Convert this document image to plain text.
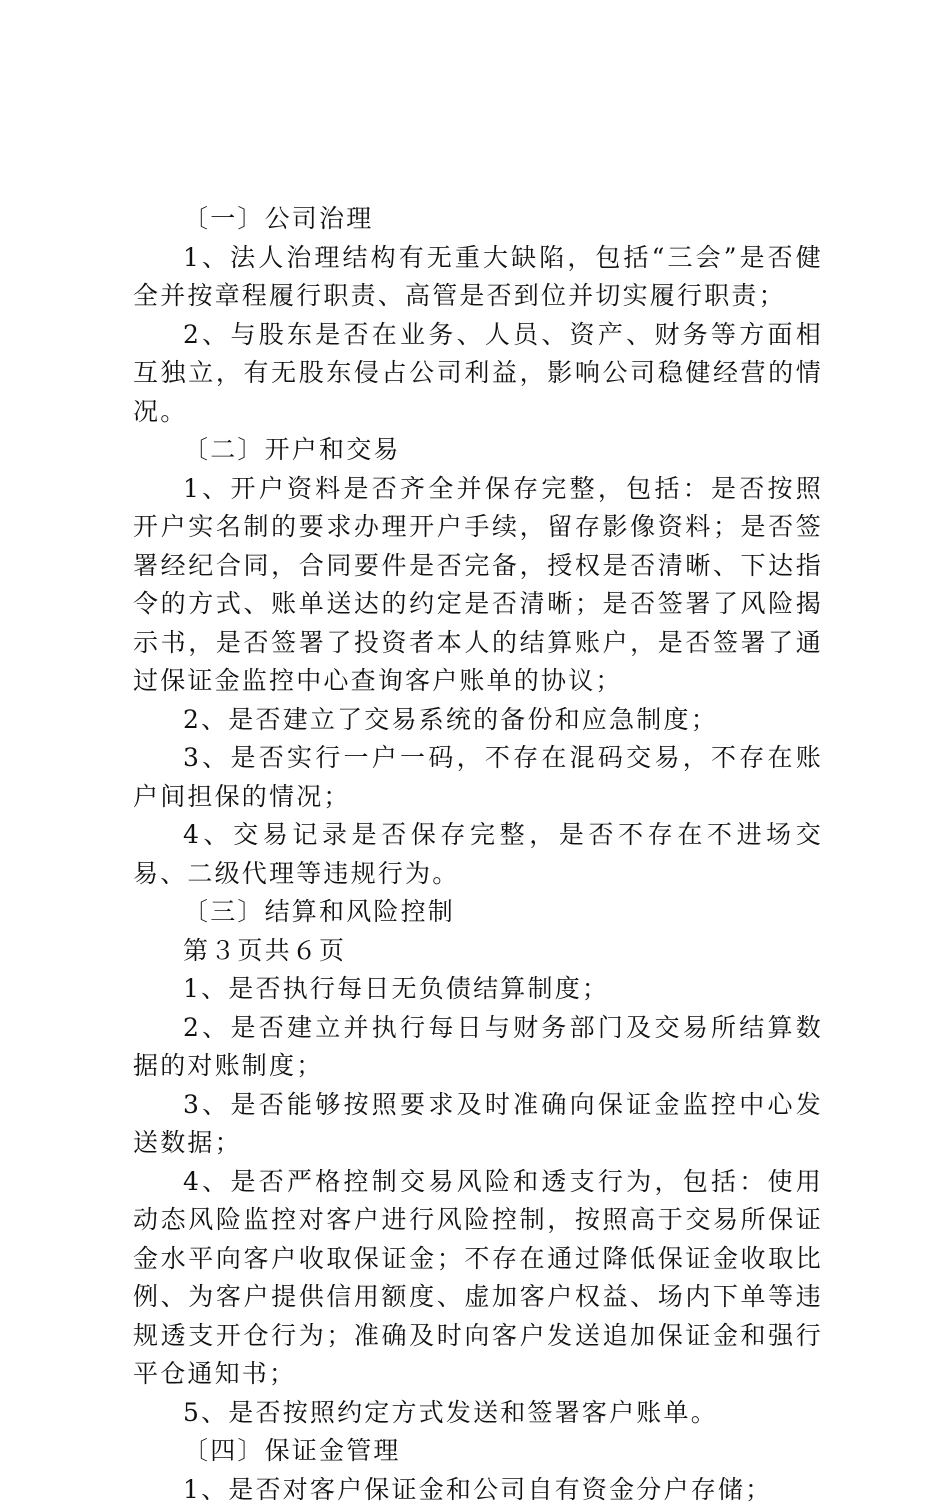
〔一〕公司治理

1、法人治理结构有无重大缺陷，包括“三会”是否健全并按章程履行职责、高管是否到位并切实履行职责；

2、与股东是否在业务、人员、资产、财务等方面相互独立，有无股东侵占公司利益，影响公司稳健经营的情况。

〔二〕开户和交易

1、开户资料是否齐全并保存完整，包括：是否按照开户实名制的要求办理开户手续，留存影像资料；是否签署经纪合同，合同要件是否完备，授权是否清晰、下达指令的方式、账单送达的约定是否清晰；是否签署了风险揭示书，是否签署了投资者本人的结算账户，是否签署了通过保证金监控中心查询客户账单的协议；

2、是否建立了交易系统的备份和应急制度；

3、是否实行一户一码，不存在混码交易，不存在账户间担保的情况；

4、交易记录是否保存完整，是否不存在不进场交易、二级代理等违规行为。

〔三〕结算和风险控制

第３页共６页

1、是否执行每日无负债结算制度；

2、是否建立并执行每日与财务部门及交易所结算数据的对账制度；

3、是否能够按照要求及时准确向保证金监控中心发送数据；

4、是否严格控制交易风险和透支行为，包括：使用动态风险监控对客户进行风险控制，按照高于交易所保证金水平向客户收取保证金；不存在通过降低保证金收取比例、为客户提供信用额度、虚加客户权益、场内下单等违规透支开仓行为；准确及时向客户发送追加保证金和强行平仓通知书；

5、是否按照约定方式发送和签署客户账单。

〔四〕保证金管理

1、是否对客户保证金和公司自有资金分户存储；
